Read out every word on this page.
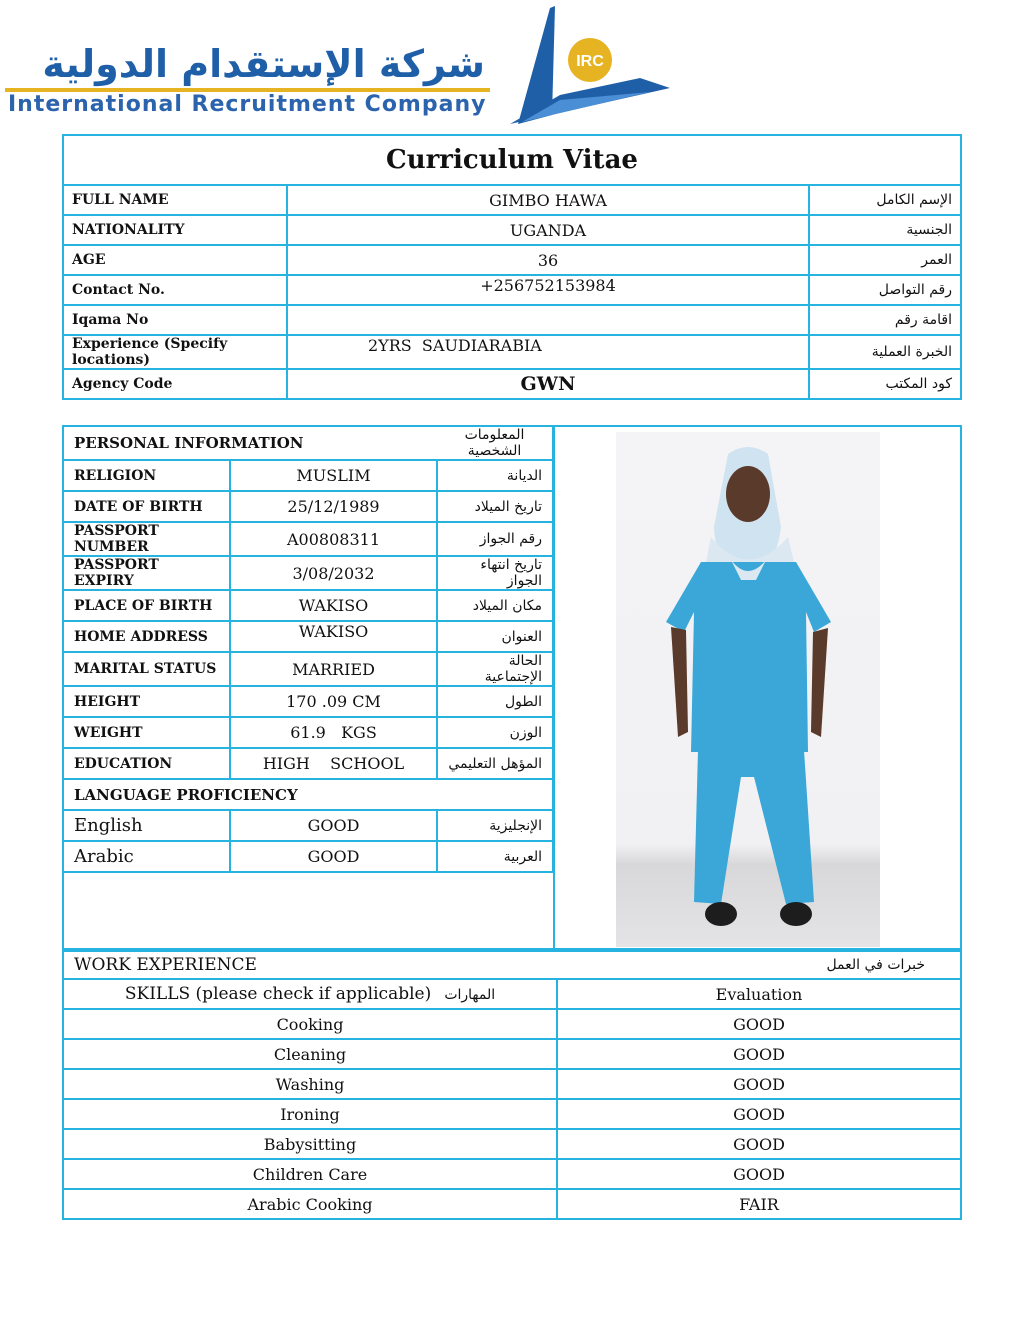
شركة الإستقدام الدولية
International Recruitment Company
IRC
Curriculum Vitae		
FULL NAME	GIMBO HAWA	الإسم الكامل
NATIONALITY	UGANDA	الجنسية
AGE	36	العمر
Contact No.	+256752153984	رقم التواصل
Iqama No		اقامة رقم
Experience (Specify locations)	2YRS  SAUDIARABIA	الخبرة العملية
Agency Code	GWN	كود المكتب
PERSONAL INFORMATION		المعلومات الشخصية
RELIGION	MUSLIM	الديانة
DATE OF BIRTH	25/12/1989	تاريخ الميلاد
PASSPORT NUMBER	A00808311	رقم الجواز
PASSPORT EXPIRY	3/08/2032	تاريخ انتهاء الجواز
PLACE OF BIRTH	WAKISO	مكان الميلاد
HOME ADDRESS	WAKISO	العنوان
MARITAL STATUS	MARRIED	الحالة الإجتماعية
HEIGHT	170 .09 CM	الطول
WEIGHT	61.9   KGS	الوزن
EDUCATION	HIGH    SCHOOL	المؤهل التعليمي
LANGUAGE PROFICIENCY		
English	GOOD	الإنجليزية
Arabic	GOOD	العربية
WORK EXPERIENCE خبرات في العمل	

SKILLS (please check if applicable) المهارات	Evaluation
Cooking	GOOD
Cleaning	GOOD
Washing	GOOD
Ironing	GOOD
Babysitting	GOOD
Children Care	GOOD
Arabic Cooking	FAIR
